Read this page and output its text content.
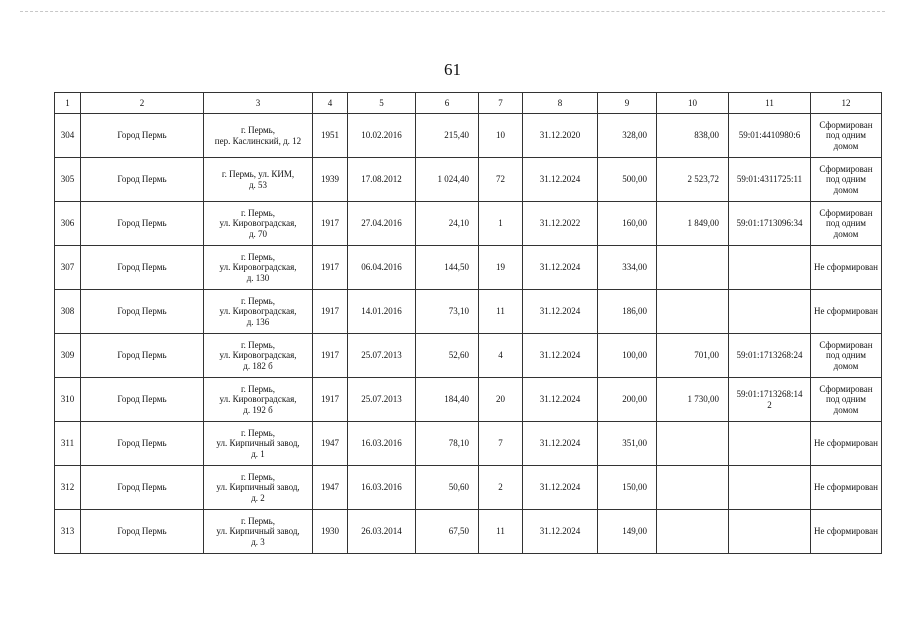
61
1	2	3	4	5	6	7	8	9	10	11	12
304	Город Пермь	г. Пермь,
пер. Каслинский, д. 12	1951	10.02.2016	215,40	10	31.12.2020	328,00	838,00	59:01:4410980:6	Сформирован
под одним
домом
305	Город Пермь	г. Пермь, ул. КИМ,
д. 53	1939	17.08.2012	1 024,40	72	31.12.2024	500,00	2 523,72	59:01:4311725:11	Сформирован
под одним
домом
306	Город Пермь	г. Пермь,
ул. Кировоградская,
д. 70	1917	27.04.2016	24,10	1	31.12.2022	160,00	1 849,00	59:01:1713096:34	Сформирован
под одним
домом
307	Город Пермь	г. Пермь,
ул. Кировоградская,
д. 130	1917	06.04.2016	144,50	19	31.12.2024	334,00			Не сформирован
308	Город Пермь	г. Пермь,
ул. Кировоградская,
д. 136	1917	14.01.2016	73,10	11	31.12.2024	186,00			Не сформирован
309	Город Пермь	г. Пермь,
ул. Кировоградская,
д. 182 б	1917	25.07.2013	52,60	4	31.12.2024	100,00	701,00	59:01:1713268:24	Сформирован
под одним
домом
310	Город Пермь	г. Пермь,
ул. Кировоградская,
д. 192 б	1917	25.07.2013	184,40	20	31.12.2024	200,00	1 730,00	59:01:1713268:14
2	Сформирован
под одним
домом
311	Город Пермь	г. Пермь,
ул. Кирпичный завод,
д. 1	1947	16.03.2016	78,10	7	31.12.2024	351,00			Не сформирован
312	Город Пермь	г. Пермь,
ул. Кирпичный завод,
д. 2	1947	16.03.2016	50,60	2	31.12.2024	150,00			Не сформирован
313	Город Пермь	г. Пермь,
ул. Кирпичный завод,
д. 3	1930	26.03.2014	67,50	11	31.12.2024	149,00			Не сформирован
